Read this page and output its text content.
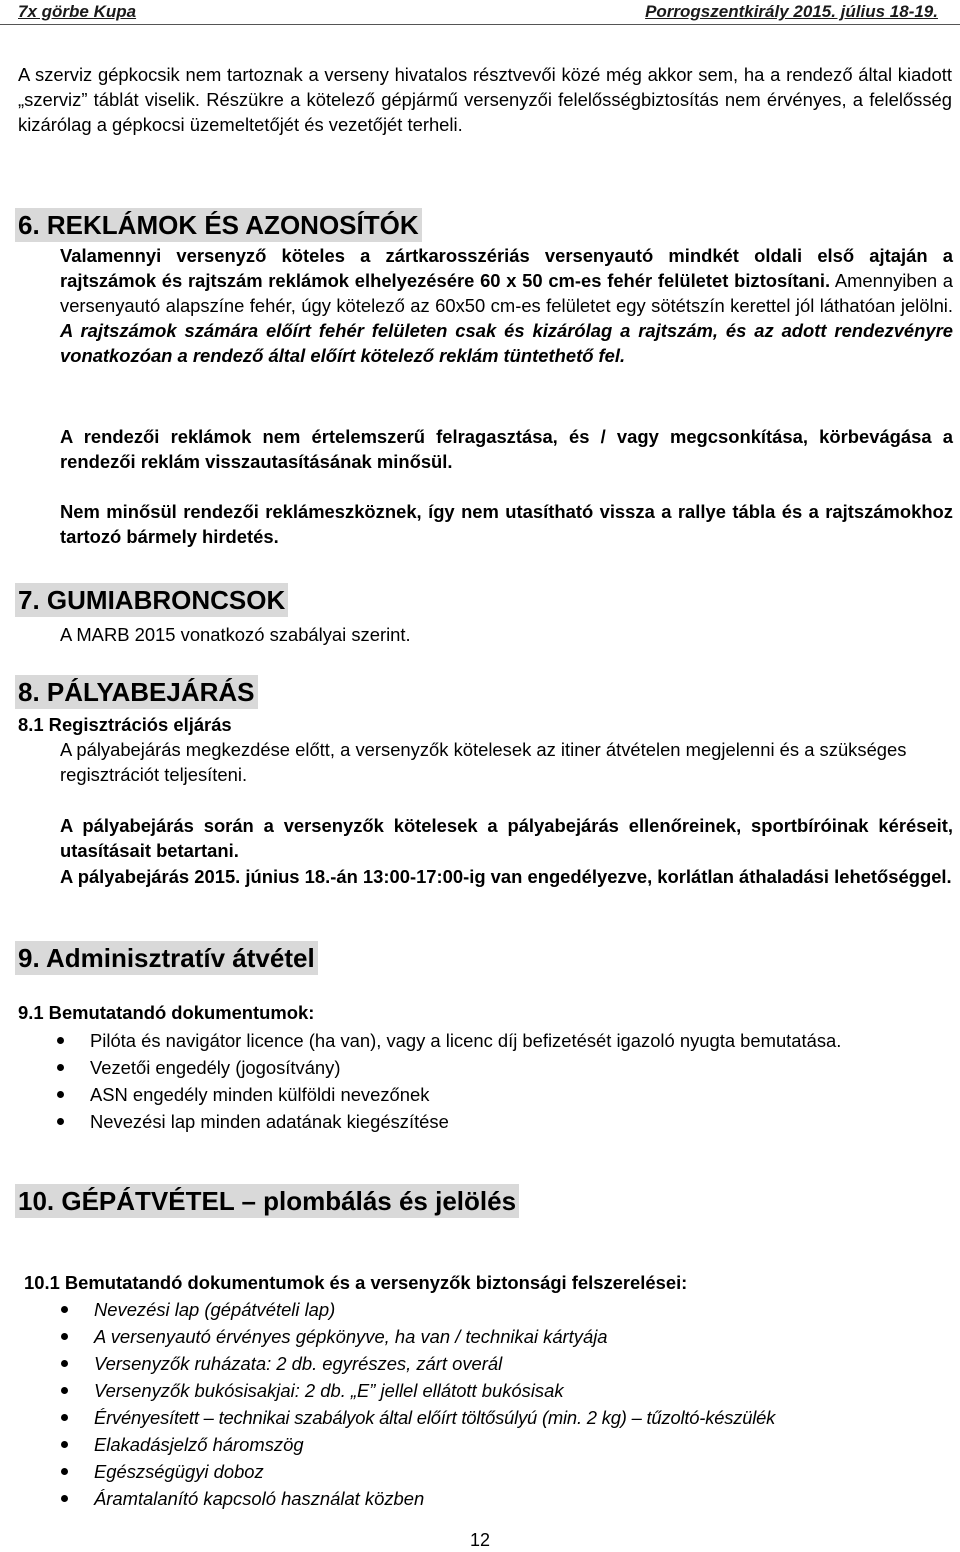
7x görbe Kupa	Porrogszentkirály 2015. július 18-19.

A szerviz gépkocsik nem tartoznak a verseny hivatalos résztvevői közé még akkor sem, ha a rendező által kiadott „szerviz” táblát viselik. Részükre a kötelező gépjármű versenyzői felelősségbiztosítás nem érvényes, a felelősség kizárólag a gépkocsi üzemeltetőjét és vezetőjét terheli.

6. REKLÁMOK ÉS AZONOSÍTÓK

Valamennyi versenyző köteles a zártkarosszériás versenyautó mindkét oldali első ajtaján a rajtszámok és rajtszám reklámok elhelyezésére 60 x 50 cm-es fehér felületet biztosítani. Amennyiben a versenyautó alapszíne fehér, úgy kötelező az 60x50 cm-es felületet egy sötétszín kerettel jól láthatóan jelölni. A rajtszámok számára előírt fehér felületen csak és kizárólag a rajtszám, és az adott rendezvényre vonatkozóan a rendező által előírt kötelező reklám tüntethető fel.

A rendezői reklámok nem értelemszerű felragasztása, és / vagy megcsonkítása, körbevágása a rendezői reklám visszautasításának minősül.

Nem minősül rendezői reklámeszköznek, így nem utasítható vissza a rallye tábla és a rajtszámokhoz tartozó bármely hirdetés.

7. GUMIABRONCSOK

A MARB 2015 vonatkozó szabályai szerint.

8. PÁLYABEJÁRÁS

8.1 Regisztrációs eljárás

A pályabejárás megkezdése előtt, a versenyzők kötelesek az itiner átvételen megjelenni és a szükséges regisztrációt teljesíteni.

A pályabejárás során a versenyzők kötelesek a pályabejárás ellenőreinek, sportbíróinak kéréseit, utasításait betartani.

A pályabejárás 2015. június 18.-án 13:00-17:00-ig van engedélyezve, korlátlan áthaladási lehetőséggel.

9. Adminisztratív átvétel

9.1 Bemutatandó dokumentumok:

Pilóta és navigátor licence (ha van), vagy a licenc díj befizetését igazoló nyugta bemutatása.
Vezetői engedély (jogosítvány)
ASN engedély minden külföldi nevezőnek
Nevezési lap minden adatának kiegészítése
10. GÉPÁTVÉTEL – plombálás és jelölés

10.1 Bemutatandó dokumentumok és a versenyzők biztonsági felszerelései:

Nevezési lap (gépátvételi lap)
A versenyautó érvényes gépkönyve, ha van / technikai kártyája
Versenyzők ruházata: 2 db. egyrészes, zárt overál
Versenyzők bukósisakjai: 2 db. „E” jellel ellátott bukósisak
Érvényesített – technikai szabályok által előírt töltősúlyú (min. 2 kg) – tűzoltó-készülék
Elakadásjelző háromszög
Egészségügyi doboz
Áramtalanító kapcsoló használat közben
12
